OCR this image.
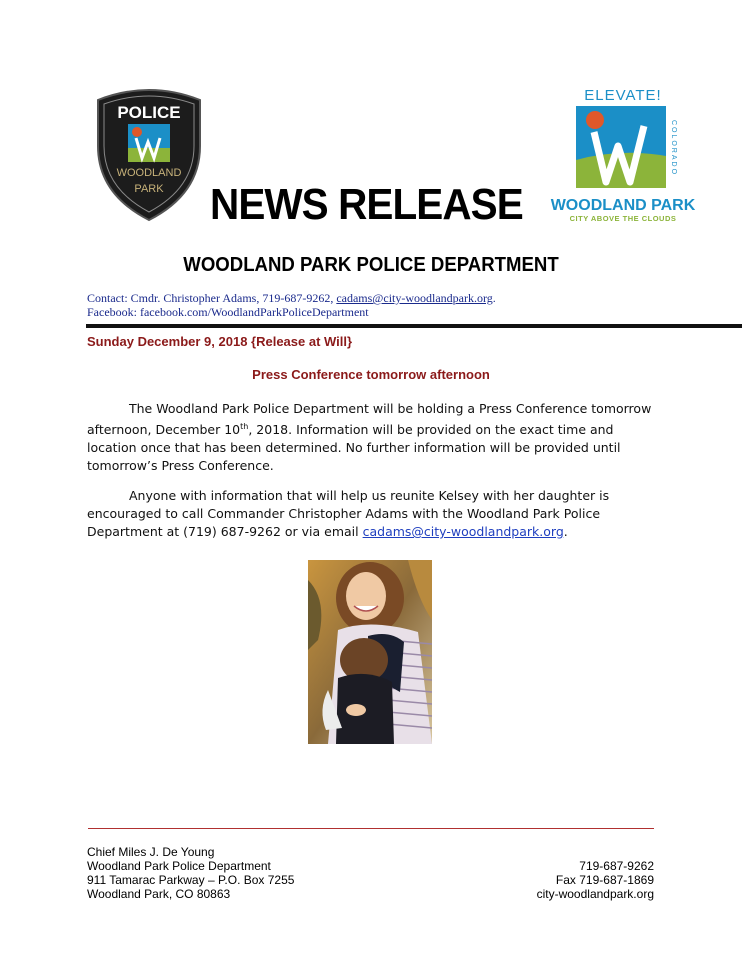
POLICE
WOODLAND
PARK
ELEVATE!
COLORADO
WOODLAND PARK
CITY ABOVE THE CLOUDS
NEWS RELEASE
WOODLAND PARK POLICE DEPARTMENT
Contact: Cmdr. Christopher Adams, 719-687-9262, cadams@city-woodlandpark.org.
Facebook: facebook.com/WoodlandParkPoliceDepartment
Sunday December 9, 2018 {Release at Will}
Press Conference tomorrow afternoon
The Woodland Park Police Department will be holding a Press Conference tomorrow afternoon, December 10th, 2018. Information will be provided on the exact time and location once that has been determined. No further information will be provided until tomorrow’s Press Conference.
Anyone with information that will help us reunite Kelsey with her daughter is encouraged to call Commander Christopher Adams with the Woodland Park Police Department at (719) 687-9262 or via email cadams@city-woodlandpark.org.
Chief Miles J. De Young
Woodland Park Police Department
911 Tamarac Parkway – P.O. Box 7255
Woodland Park, CO 80863
719-687-9262
Fax 719-687-1869
city-woodlandpark.org
